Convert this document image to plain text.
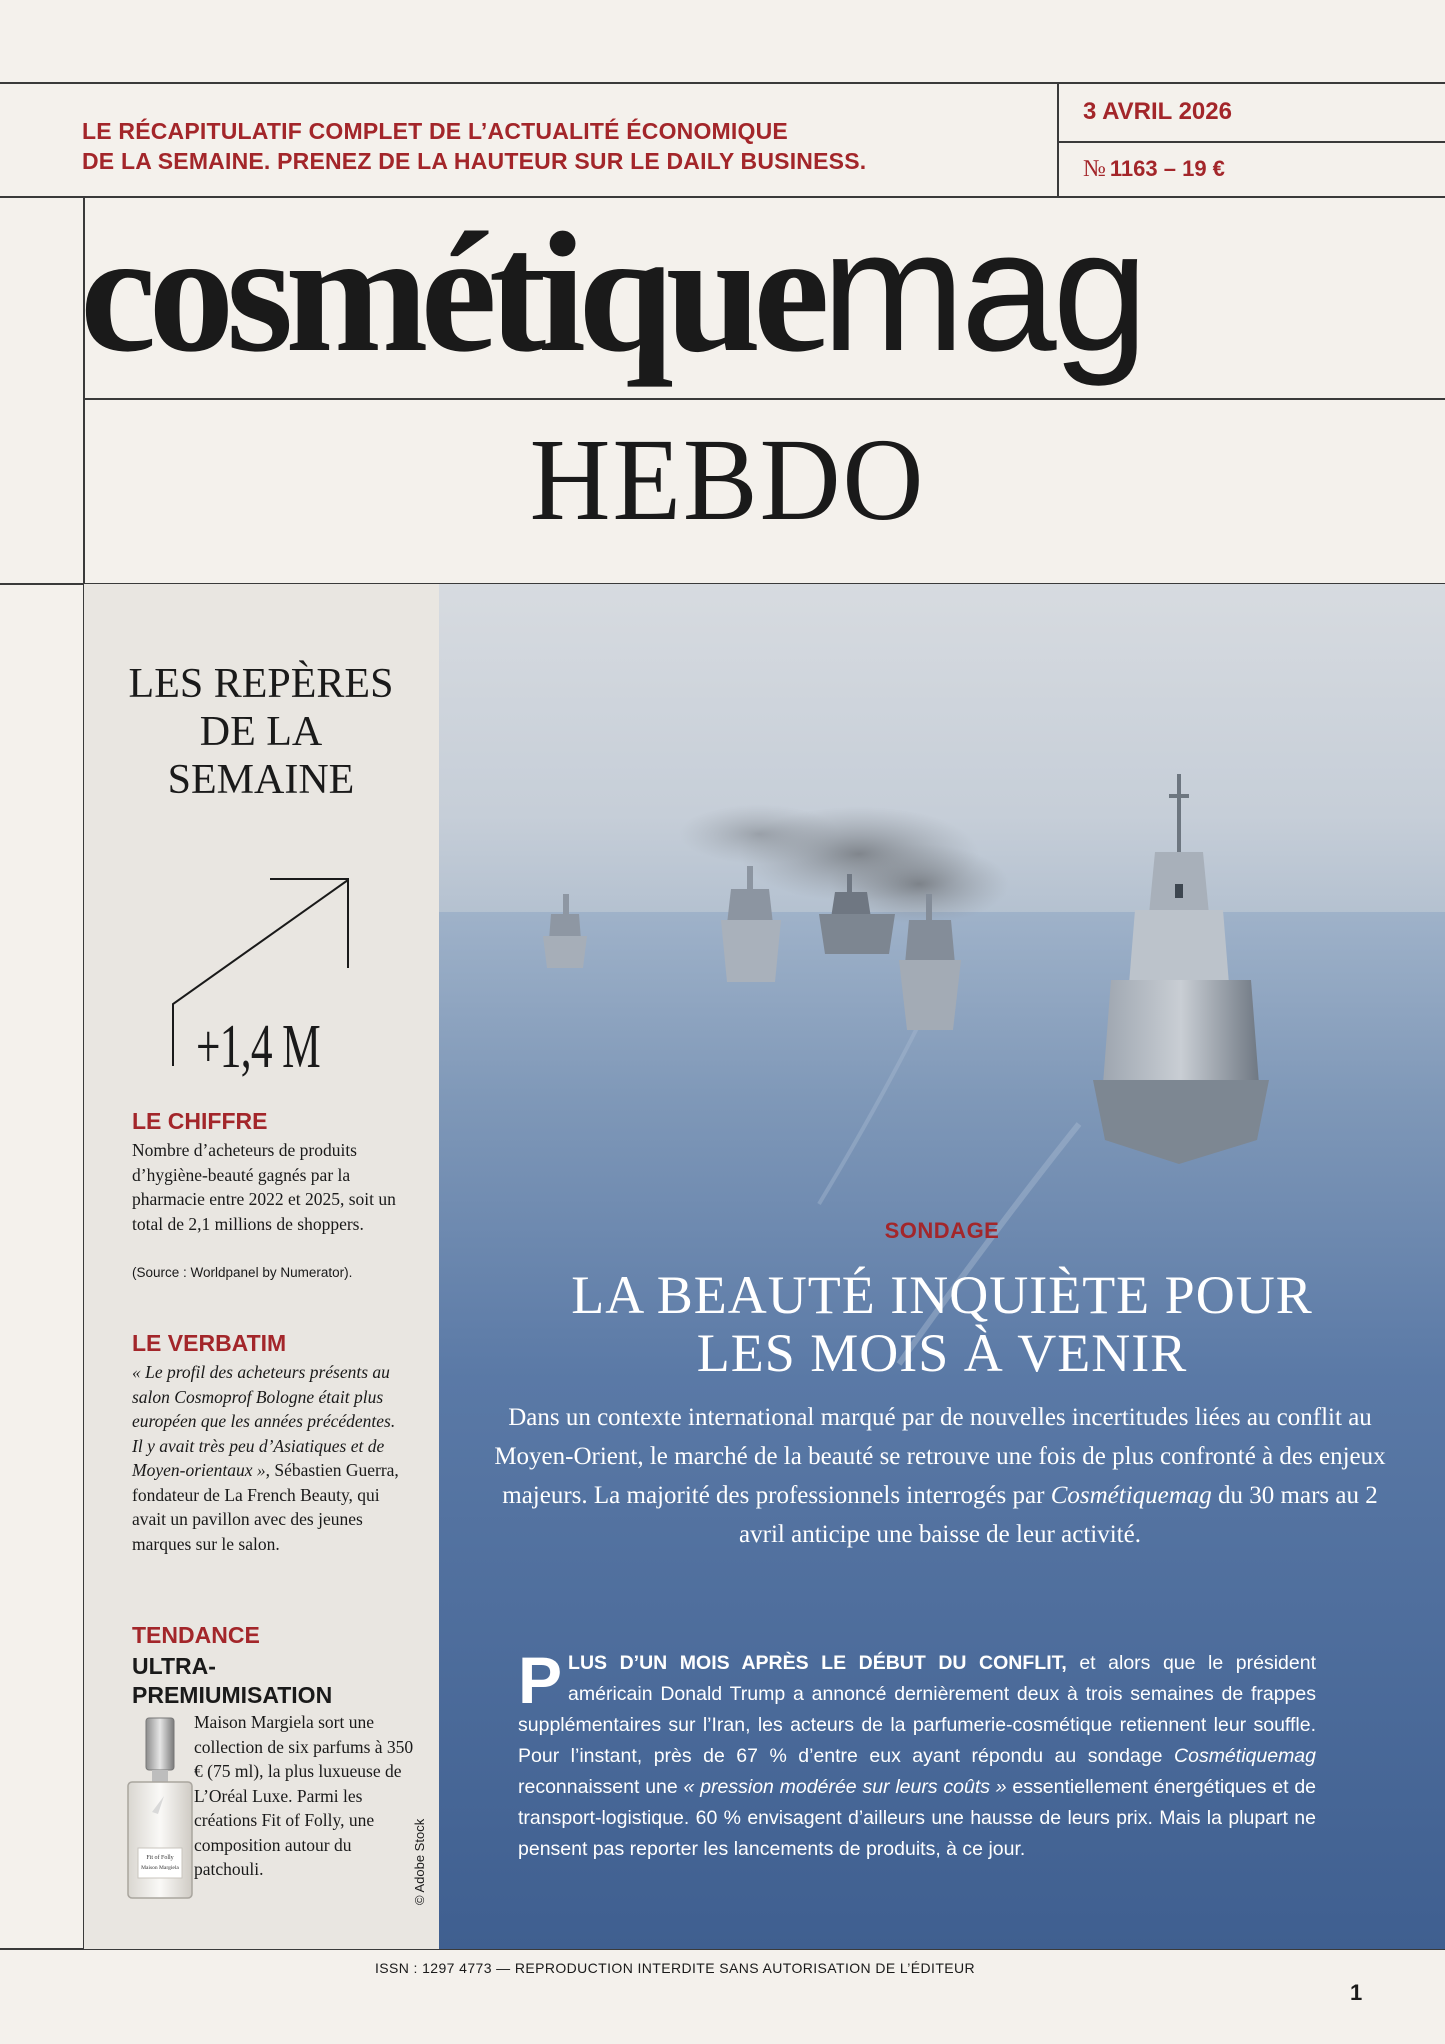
LE RÉCAPITULATIF COMPLET DE L’ACTUALITÉ ÉCONOMIQUE
DE LA SEMAINE. PRENEZ DE LA HAUTEUR SUR LE DAILY BUSINESS.
3 AVRIL 2026
№ 1163 – 19 €
cosmétiquemag
HEBDO
LES REPÈRES
DE LA
SEMAINE
+1,4 M
LE CHIFFRE
Nombre d’acheteurs de produits d’hygiène-beauté gagnés par la pharmacie entre 2022 et 2025, soit un total de 2,1 millions de shoppers.
(Source : Worldpanel by Numerator).
LE VERBATIM
« Le profil des acheteurs présents au salon Cosmoprof Bologne était plus européen que les années précédentes. Il y avait très peu d’Asiatiques et de Moyen-orientaux », Sébastien Guerra, fondateur de La French Beauty, qui avait un pavillon avec des jeunes marques sur le salon.
TENDANCE
ULTRA-PREMIUMISATION
Maison Margiela sort une collection de six parfums à 350 € (75 ml), la plus luxueuse de L’Oréal Luxe. Parmi les créations Fit of Folly, une composition autour du patchouli.
Fit of Folly
Maison Margiela	© Adobe Stock
SONDAGE
LA BEAUTÉ INQUIÈTE POUR
LES MOIS À VENIR
Dans un contexte international marqué par de nouvelles incertitudes liées au conflit au Moyen-Orient, le marché de la beauté se retrouve une fois de plus confronté à des enjeux majeurs. La majorité des professionnels interrogés par Cosmétiquemag du 30 mars au 2 avril anticipe une baisse de leur activité.
PLUS D’UN MOIS APRÈS LE DÉBUT DU CONFLIT, et alors que le président américain Donald Trump a annoncé dernièrement deux à trois semaines de frappes supplémentaires sur l’Iran, les acteurs de la parfumerie-cosmétique retiennent leur souffle. Pour l’instant, près de 67 % d’entre eux ayant répondu au sondage Cosmétiquemag reconnaissent une « pression modérée sur leurs coûts » essentiellement énergétiques et de transport-logistique. 60 % envisagent d’ailleurs une hausse de leurs prix. Mais la plupart ne pensent pas reporter les lancements de produits, à ce jour.
ISSN : 1297 4773 — REPRODUCTION INTERDITE SANS AUTORISATION DE L’ÉDITEUR
1
